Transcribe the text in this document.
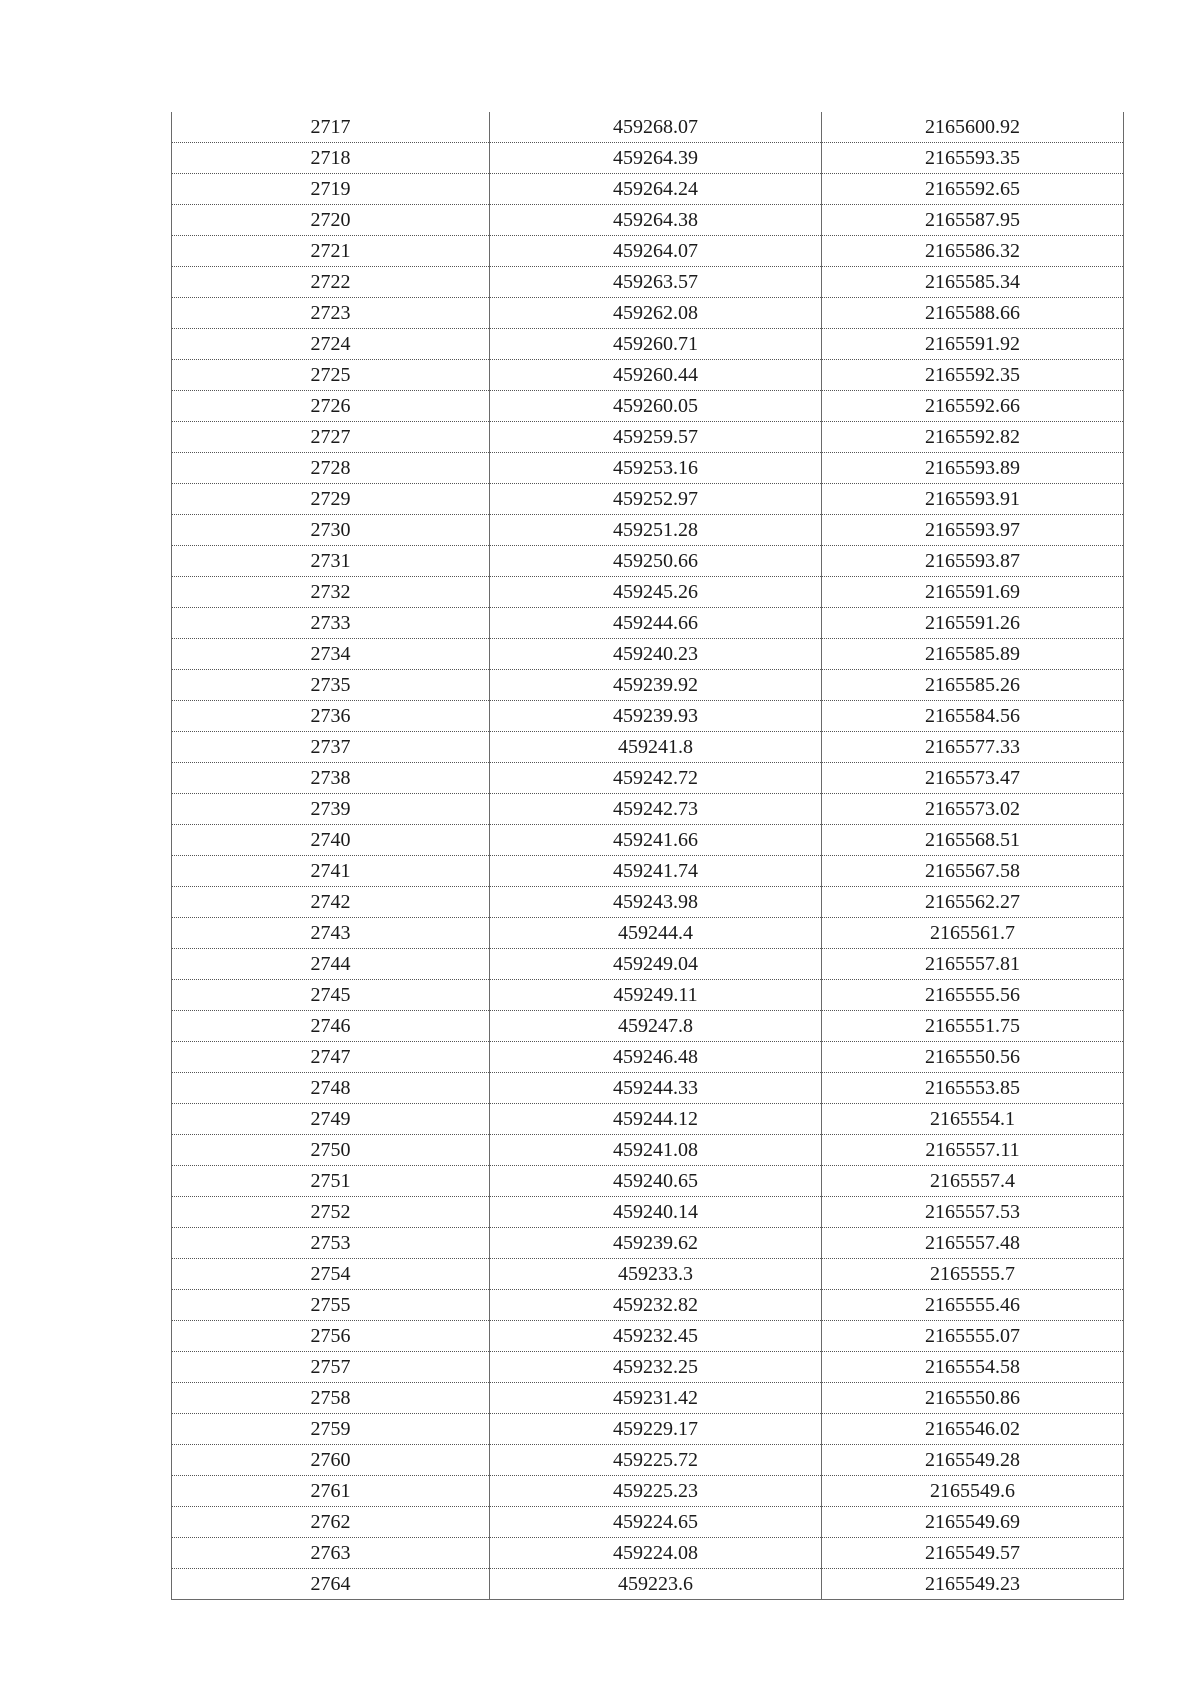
2717	459268.07	2165600.92
2718	459264.39	2165593.35
2719	459264.24	2165592.65
2720	459264.38	2165587.95
2721	459264.07	2165586.32
2722	459263.57	2165585.34
2723	459262.08	2165588.66
2724	459260.71	2165591.92
2725	459260.44	2165592.35
2726	459260.05	2165592.66
2727	459259.57	2165592.82
2728	459253.16	2165593.89
2729	459252.97	2165593.91
2730	459251.28	2165593.97
2731	459250.66	2165593.87
2732	459245.26	2165591.69
2733	459244.66	2165591.26
2734	459240.23	2165585.89
2735	459239.92	2165585.26
2736	459239.93	2165584.56
2737	459241.8	2165577.33
2738	459242.72	2165573.47
2739	459242.73	2165573.02
2740	459241.66	2165568.51
2741	459241.74	2165567.58
2742	459243.98	2165562.27
2743	459244.4	2165561.7
2744	459249.04	2165557.81
2745	459249.11	2165555.56
2746	459247.8	2165551.75
2747	459246.48	2165550.56
2748	459244.33	2165553.85
2749	459244.12	2165554.1
2750	459241.08	2165557.11
2751	459240.65	2165557.4
2752	459240.14	2165557.53
2753	459239.62	2165557.48
2754	459233.3	2165555.7
2755	459232.82	2165555.46
2756	459232.45	2165555.07
2757	459232.25	2165554.58
2758	459231.42	2165550.86
2759	459229.17	2165546.02
2760	459225.72	2165549.28
2761	459225.23	2165549.6
2762	459224.65	2165549.69
2763	459224.08	2165549.57
2764	459223.6	2165549.23
